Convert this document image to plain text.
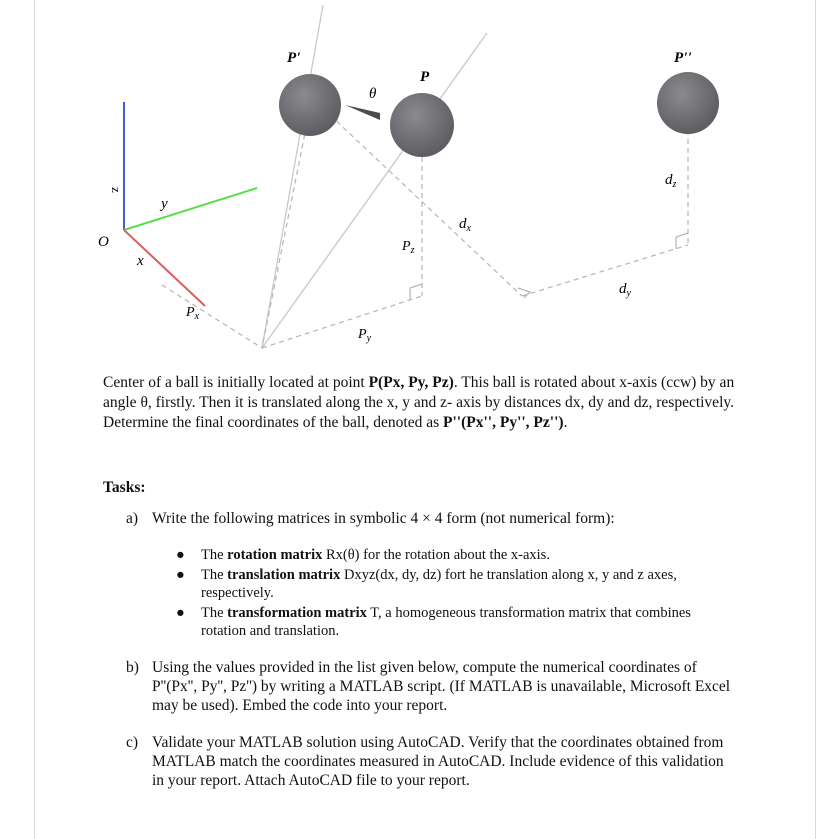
P'
P
P''
θ
z
y
x
O
$d_x$
$d_y$
$d_z$
$P_x$
$P_y$
$P_z$

Center of a ball is initially located at point P(Px, Py, Pz). This ball is rotated about x-axis (ccw) by an angle θ, firstly. Then it is translated along the x, y and z- axis by distances dx, dy and dz, respectively. Determine the final coordinates of the ball, denoted as P''(Px'', Py'', Pz'').

Tasks:

a) Write the following matrices in symbolic 4 × 4 form (not numerical form):

● The rotation matrix Rx(θ) for the rotation about the x-axis.
● The translation matrix Dxyz(dx, dy, dz) fort he translation along x, y and z axes, respectively.
● The transformation matrix T, a homogeneous transformation matrix that combines rotation and translation.

b) Using the values provided in the list given below, compute the numerical coordinates of P''(Px'', Py'', Pz'') by writing a MATLAB script. (If MATLAB is unavailable, Microsoft Excel may be used). Embed the code into your report.

c) Validate your MATLAB solution using AutoCAD. Verify that the coordinates obtained from MATLAB match the coordinates measured in AutoCAD. Include evidence of this validation in your report. Attach AutoCAD file to your report.
